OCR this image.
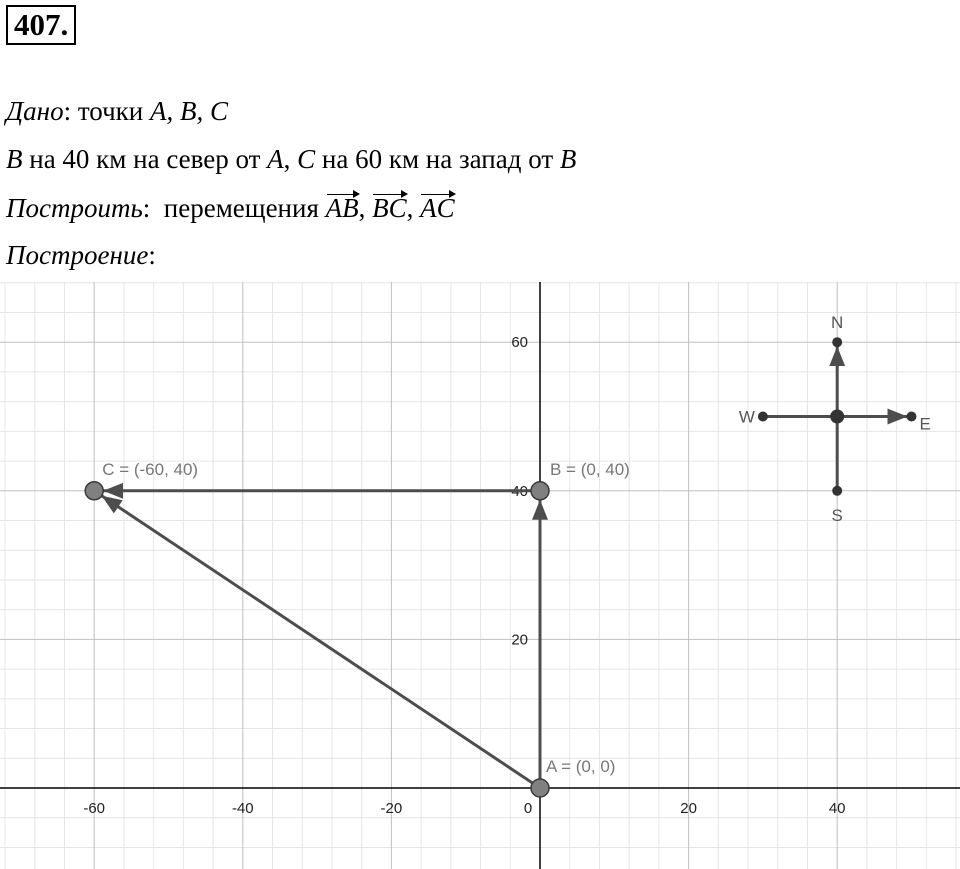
407.
Дано: точки A, B, C
B на 40 км на север от A, C на 60 км на запад от B
Построить:  перемещения AB, BC, AC
Построение:
-60	-40	-20	0	20	40
20
40
60
A = (0, 0)
B = (0, 40)
C = (-60, 40)
N
S
W	E
